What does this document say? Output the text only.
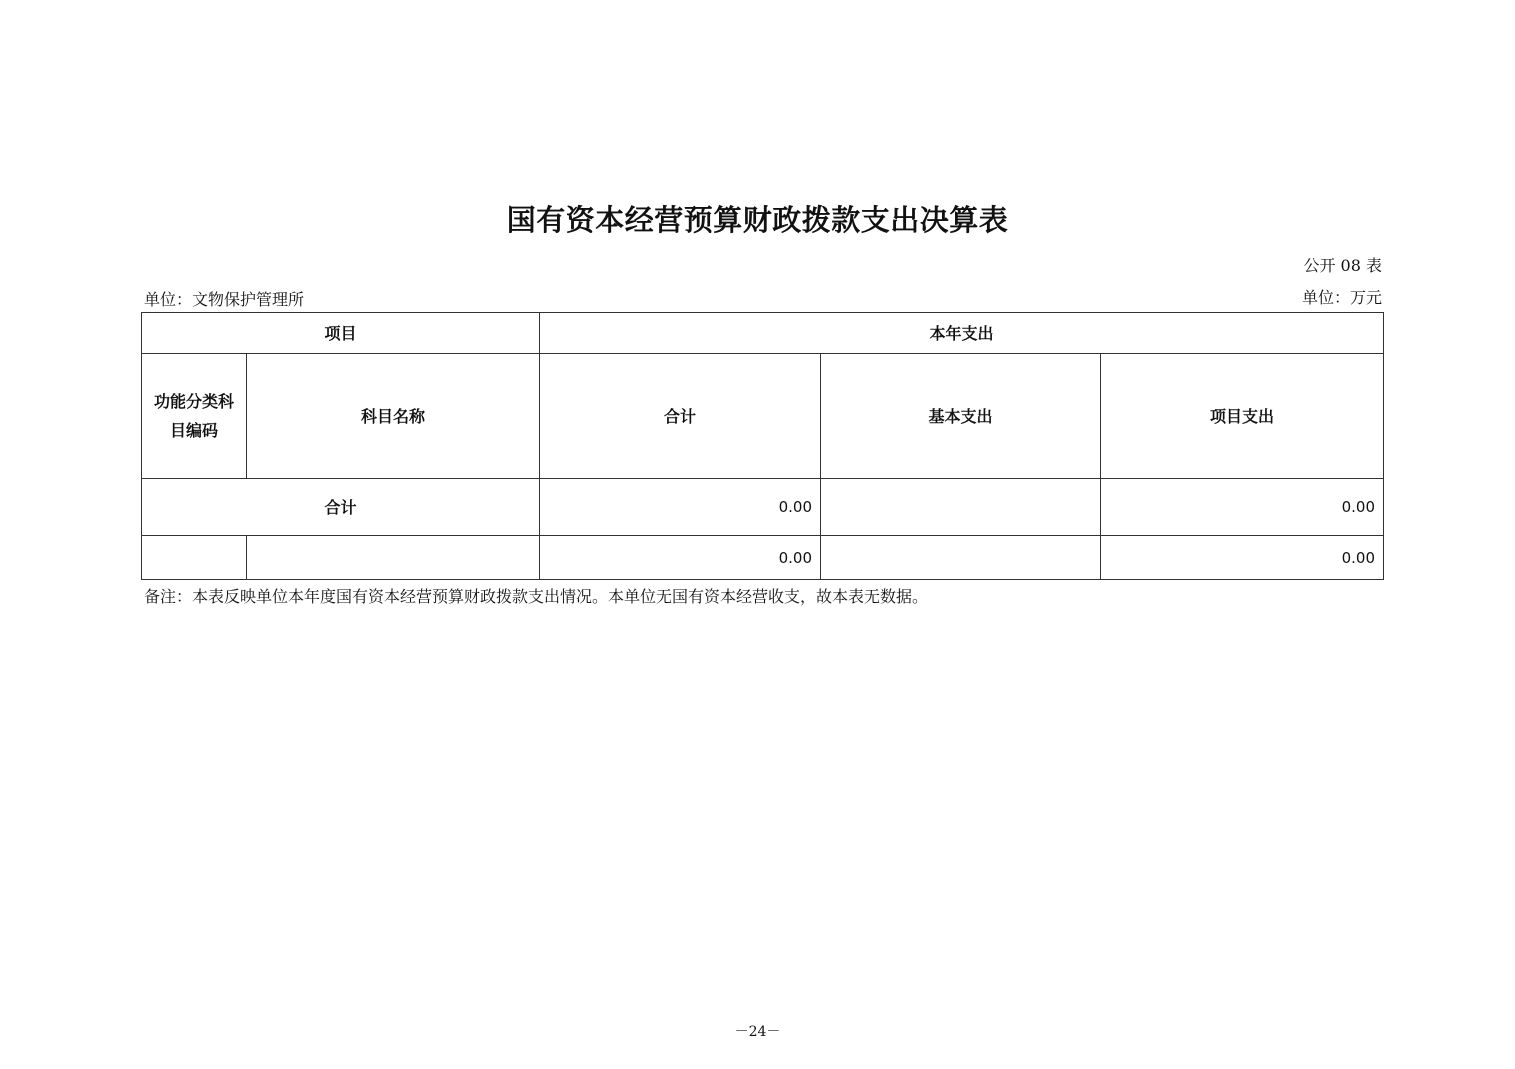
国有资本经营预算财政拨款支出决算表
公开 08 表
单位：文物保护管理所	单位：万元
项目		本年支出		
功能分类科目编码	科目名称	合计	基本支出	项目支出
合计		0.00		0.00
		0.00		0.00
备注：本表反映单位本年度国有资本经营预算财政拨款支出情况。本单位无国有资本经营收支，故本表无数据。
－24－
